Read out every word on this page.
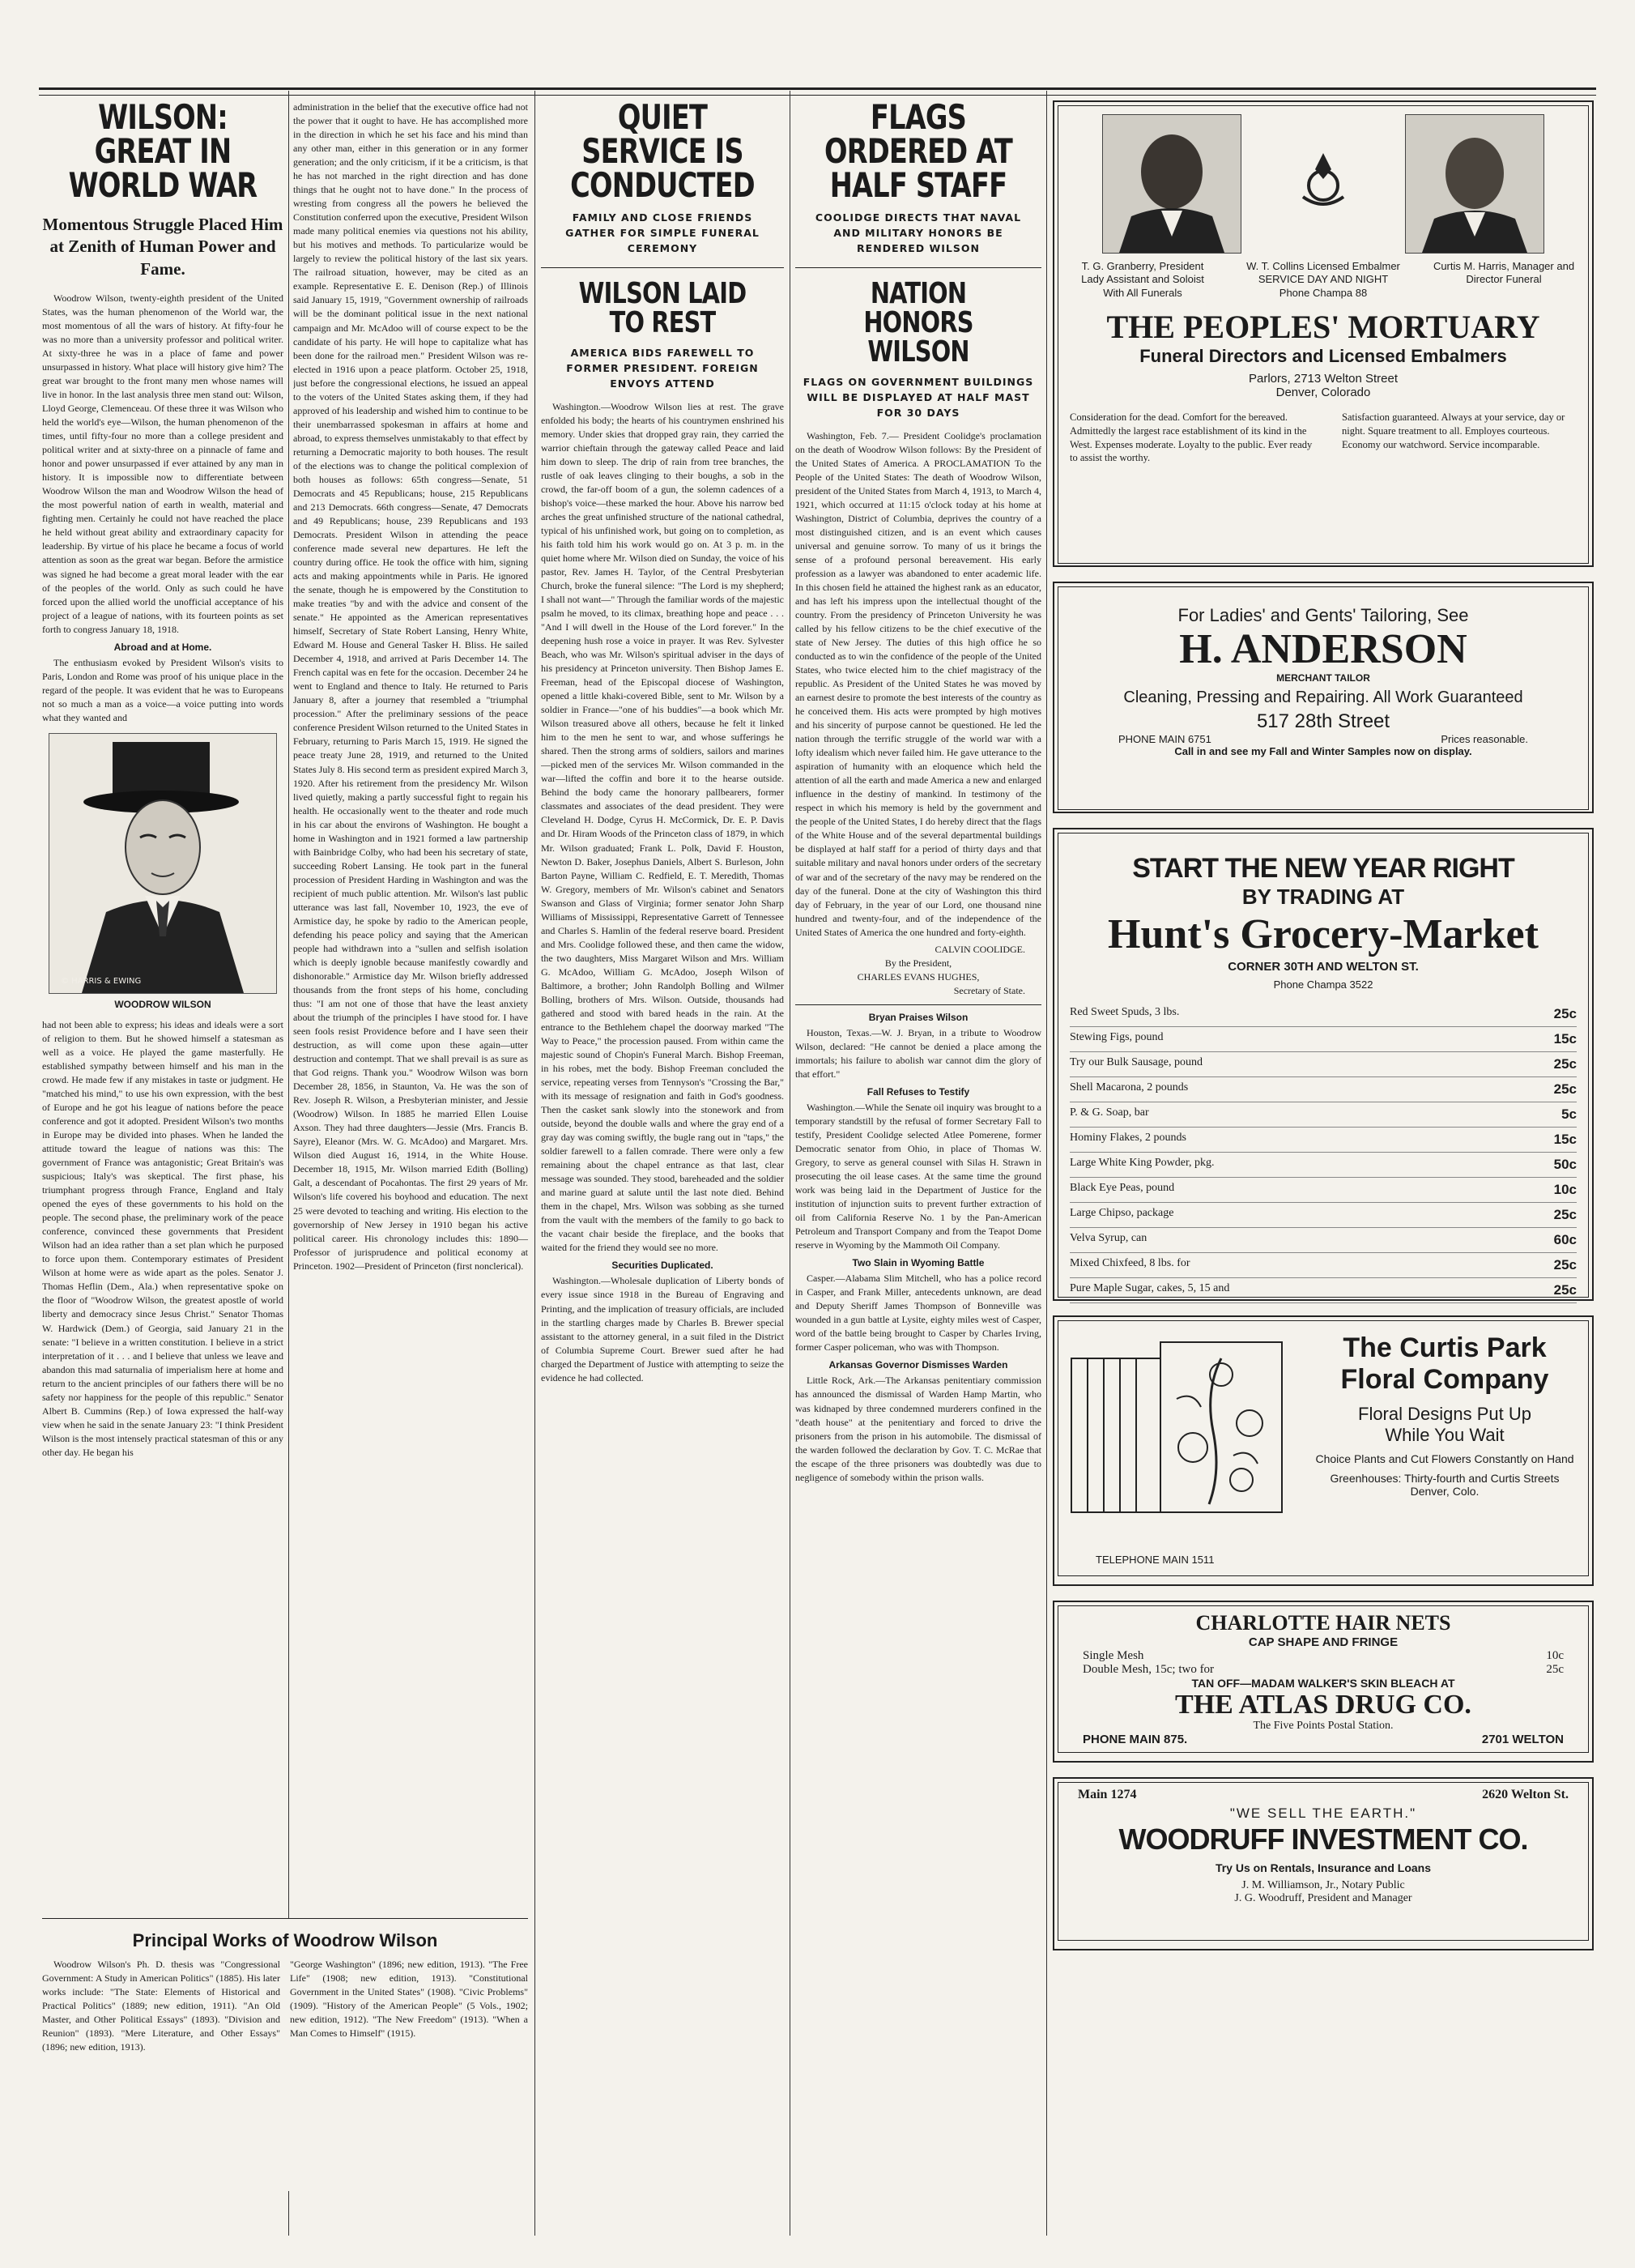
WILSON: GREAT IN WORLD WAR
Momentous Struggle Placed Him at Zenith of Human Power and Fame.

Woodrow Wilson, twenty-eighth president of the United States, was the human phenomenon of the World war, the most momentous of all the wars of history. At fifty-four he was no more than a university professor and political writer. At sixty-three he was in a place of fame and power unsurpassed in history. What place will history give him? The great war brought to the front many men whose names will live in honor. In the last analysis three men stand out: Wilson, Lloyd George, Clemenceau. Of these three it was Wilson who held the world's eye—Wilson, the human phenomenon of the times, until fifty-four no more than a college president and political writer and at sixty-three on a pinnacle of fame and honor and power unsurpassed if ever attained by any man in history. It is impossible now to differentiate between Woodrow Wilson the man and Woodrow Wilson the head of the most powerful nation of earth in wealth, material and fighting men. Certainly he could not have reached the place he held without great ability and extraordinary capacity for leadership. By virtue of his place he became a focus of world attention as soon as the great war began. Before the armistice was signed he had become a great moral leader with the ear of the peoples of the world. Only as such could he have forced upon the allied world the unofficial acceptance of his project of a league of nations, with its fourteen points as set forth to congress January 18, 1918.

Abroad and at Home.

The enthusiasm evoked by President Wilson's visits to Paris, London and Rome was proof of his unique place in the regard of the people. It was evident that he was to Europeans not so much a man as a voice—a voice putting into words what they wanted and

© HARRIS & EWING
WOODROW WILSON

had not been able to express; his ideas and ideals were a sort of religion to them. But he showed himself a statesman as well as a voice. He played the game masterfully. He established sympathy between himself and his man in the crowd. He made few if any mistakes in taste or judgment. He "matched his mind," to use his own expression, with the best of Europe and he got his league of nations before the peace conference and got it adopted. President Wilson's two months in Europe may be divided into phases. When he landed the attitude toward the league of nations was this: The government of France was antagonistic; Great Britain's was suspicious; Italy's was skeptical. The first phase, his triumphant progress through France, England and Italy opened the eyes of these governments to his hold on the people. The second phase, the preliminary work of the peace conference, convinced these governments that President Wilson had an idea rather than a set plan which he purposed to force upon them. Contemporary estimates of President Wilson at home were as wide apart as the poles. Senator J. Thomas Heflin (Dem., Ala.) when representative spoke on the floor of "Woodrow Wilson, the greatest apostle of world liberty and democracy since Jesus Christ." Senator Thomas W. Hardwick (Dem.) of Georgia, said January 21 in the senate: "I believe in a written constitution. I believe in a strict interpretation of it . . . and I believe that unless we leave and abandon this mad saturnalia of imperialism here at home and return to the ancient principles of our fathers there will be no safety nor happiness for the people of this republic." Senator Albert B. Cummins (Rep.) of Iowa expressed the half-way view when he said in the senate January 23: "I think President Wilson is the most intensely practical statesman of this or any other day. He began his

administration in the belief that the executive office had not the power that it ought to have. He has accomplished more in the direction in which he set his face and his mind than any other man, either in this generation or in any former generation; and the only criticism, if it be a criticism, is that he has not marched in the right direction and has done things that he ought not to have done." In the process of wresting from congress all the powers he believed the Constitution conferred upon the executive, President Wilson made many political enemies via questions not his ability, but his motives and methods. To particularize would be largely to review the political history of the last six years. The railroad situation, however, may be cited as an example. Representative E. E. Denison (Rep.) of Illinois said January 15, 1919, "Government ownership of railroads will be the dominant political issue in the next national campaign and Mr. McAdoo will of course expect to be the candidate of his party. He will hope to capitalize what has been done for the railroad men." President Wilson was re-elected in 1916 upon a peace platform. October 25, 1918, just before the congressional elections, he issued an appeal to the voters of the United States asking them, if they had approved of his leadership and wished him to continue to be their unembarrassed spokesman in affairs at home and abroad, to express themselves unmistakably to that effect by returning a Democratic majority to both houses. The result of the elections was to change the political complexion of both houses as follows: 65th congress—Senate, 51 Democrats and 45 Republicans; house, 215 Republicans and 213 Democrats. 66th congress—Senate, 47 Democrats and 49 Republicans; house, 239 Republicans and 193 Democrats. President Wilson in attending the peace conference made several new departures. He left the country during office. He took the office with him, signing acts and making appointments while in Paris. He ignored the senate, though he is empowered by the Constitution to make treaties "by and with the advice and consent of the senate." He appointed as the American representatives himself, Secretary of State Robert Lansing, Henry White, Edward M. House and General Tasker H. Bliss. He sailed December 4, 1918, and arrived at Paris December 14. The French capital was en fete for the occasion. December 24 he went to England and thence to Italy. He returned to Paris January 8, after a journey that resembled a "triumphal procession." After the preliminary sessions of the peace conference President Wilson returned to the United States in February, returning to Paris March 15, 1919. He signed the peace treaty June 28, 1919, and returned to the United States July 8. His second term as president expired March 3, 1920. After his retirement from the presidency Mr. Wilson lived quietly, making a partly successful fight to regain his health. He occasionally went to the theater and rode much in his car about the environs of Washington. He bought a home in Washington and in 1921 formed a law partnership with Bainbridge Colby, who had been his secretary of state, succeeding Robert Lansing. He took part in the funeral procession of President Harding in Washington and was the recipient of much public attention. Mr. Wilson's last public utterance was last fall, November 10, 1923, the eve of Armistice day, he spoke by radio to the American people, defending his peace policy and saying that the American people had withdrawn into a "sullen and selfish isolation which is deeply ignoble because manifestly cowardly and dishonorable." Armistice day Mr. Wilson briefly addressed thousands from the front steps of his home, concluding thus: "I am not one of those that have the least anxiety about the triumph of the principles I have stood for. I have seen fools resist Providence before and I have seen their destruction, as will come upon these again—utter destruction and contempt. That we shall prevail is as sure as that God reigns. Thank you." Woodrow Wilson was born December 28, 1856, in Staunton, Va. He was the son of Rev. Joseph R. Wilson, a Presbyterian minister, and Jessie (Woodrow) Wilson. In 1885 he married Ellen Louise Axson. They had three daughters—Jessie (Mrs. Francis B. Sayre), Eleanor (Mrs. W. G. McAdoo) and Margaret. Mrs. Wilson died August 16, 1914, in the White House. December 18, 1915, Mr. Wilson married Edith (Bolling) Galt, a descendant of Pocahontas. The first 29 years of Mr. Wilson's life covered his boyhood and education. The next 25 were devoted to teaching and writing. His election to the governorship of New Jersey in 1910 began his active political career. His chronology includes this: 1890—Professor of jurisprudence and political economy at Princeton. 1902—President of Princeton (first nonclerical).

Principal Works of Woodrow Wilson

Woodrow Wilson's Ph. D. thesis was "Congressional Government: A Study in American Politics" (1885). His later works include: "The State: Elements of Historical and Practical Politics" (1889; new edition, 1911). "An Old Master, and Other Political Essays" (1893). "Division and Reunion" (1893). "Mere Literature, and Other Essays" (1896; new edition, 1913).

"George Washington" (1896; new edition, 1913). "The Free Life" (1908; new edition, 1913). "Constitutional Government in the United States" (1908). "Civic Problems" (1909). "History of the American People" (5 Vols., 1902; new edition, 1912). "The New Freedom" (1913). "When a Man Comes to Himself" (1915).

QUIET SERVICE IS CONDUCTED
FAMILY AND CLOSE FRIENDS GATHER FOR SIMPLE FUNERAL CEREMONY
WILSON LAID TO REST
AMERICA BIDS FAREWELL TO FORMER PRESIDENT. FOREIGN ENVOYS ATTEND

Washington.—Woodrow Wilson lies at rest. The grave enfolded his body; the hearts of his countrymen enshrined his memory. Under skies that dropped gray rain, they carried the warrior chieftain through the gateway called Peace and laid him down to sleep. The drip of rain from tree branches, the rustle of oak leaves clinging to their boughs, a sob in the crowd, the far-off boom of a gun, the solemn cadences of a bishop's voice—these marked the hour. Above his narrow bed arches the great unfinished structure of the national cathedral, typical of his unfinished work, but going on to completion, as his faith told him his work would go on. At 3 p. m. in the quiet home where Mr. Wilson died on Sunday, the voice of his pastor, Rev. James H. Taylor, of the Central Presbyterian Church, broke the funeral silence: "The Lord is my shepherd; I shall not want—" Through the familiar words of the majestic psalm he moved, to its climax, breathing hope and peace . . . "And I will dwell in the House of the Lord forever." In the deepening hush rose a voice in prayer. It was Rev. Sylvester Beach, who was Mr. Wilson's spiritual adviser in the days of his presidency at Princeton university. Then Bishop James E. Freeman, head of the Episcopal diocese of Washington, opened a little khaki-covered Bible, sent to Mr. Wilson by a soldier in France—"one of his buddies"—a book which Mr. Wilson treasured above all others, because he felt it linked him to the men he sent to war, and whose sufferings he shared. Then the strong arms of soldiers, sailors and marines—picked men of the services Mr. Wilson commanded in the war—lifted the coffin and bore it to the hearse outside. Behind the body came the honorary pallbearers, former classmates and associates of the dead president. They were Cleveland H. Dodge, Cyrus H. McCormick, Dr. E. P. Davis and Dr. Hiram Woods of the Princeton class of 1879, in which Mr. Wilson graduated; Frank L. Polk, David F. Houston, Newton D. Baker, Josephus Daniels, Albert S. Burleson, John Barton Payne, William C. Redfield, E. T. Meredith, Thomas W. Gregory, members of Mr. Wilson's cabinet and Senators Swanson and Glass of Virginia; former senator John Sharp Williams of Mississippi, Representative Garrett of Tennessee and Charles S. Hamlin of the federal reserve board. President and Mrs. Coolidge followed these, and then came the widow, the two daughters, Miss Margaret Wilson and Mrs. William G. McAdoo, William G. McAdoo, Joseph Wilson of Baltimore, a brother; John Randolph Bolling and Wilmer Bolling, brothers of Mrs. Wilson. Outside, thousands had gathered and stood with bared heads in the rain. At the entrance to the Bethlehem chapel the doorway marked "The Way to Peace," the procession paused. From within came the majestic sound of Chopin's Funeral March. Bishop Freeman, in his robes, met the body. Bishop Freeman concluded the service, repeating verses from Tennyson's "Crossing the Bar," with its message of resignation and faith in God's goodness. Then the casket sank slowly into the stonework and from outside, beyond the double walls and where the gray end of a gray day was coming swiftly, the bugle rang out in "taps," the soldier farewell to a fallen comrade. There were only a few remaining about the chapel entrance as that last, clear message was sounded. They stood, bareheaded and the soldier and marine guard at salute until the last note died. Behind them in the chapel, Mrs. Wilson was sobbing as she turned from the vault with the members of the family to go back to the vacant chair beside the fireplace, and the books that waited for the friend they would see no more.

Securities Duplicated.

Washington.—Wholesale duplication of Liberty bonds of every issue since 1918 in the Bureau of Engraving and Printing, and the implication of treasury officials, are included in the startling charges made by Charles B. Brewer special assistant to the attorney general, in a suit filed in the District of Columbia Supreme Court. Brewer sued after he had charged the Department of Justice with attempting to seize the evidence he had collected.

FLAGS ORDERED AT HALF STAFF
COOLIDGE DIRECTS THAT NAVAL AND MILITARY HONORS BE RENDERED WILSON
NATION HONORS WILSON
FLAGS ON GOVERNMENT BUILDINGS WILL BE DISPLAYED AT HALF MAST FOR 30 DAYS

Washington, Feb. 7.— President Coolidge's proclamation on the death of Woodrow Wilson follows: By the President of the United States of America. A PROCLAMATION To the People of the United States: The death of Woodrow Wilson, president of the United States from March 4, 1913, to March 4, 1921, which occurred at 11:15 o'clock today at his home at Washington, District of Columbia, deprives the country of a most distinguished citizen, and is an event which causes universal and genuine sorrow. To many of us it brings the sense of a profound personal bereavement. His early profession as a lawyer was abandoned to enter academic life. In this chosen field he attained the highest rank as an educator, and has left his impress upon the intellectual thought of the country. From the presidency of Princeton University he was called by his fellow citizens to be the chief executive of the state of New Jersey. The duties of this high office he so conducted as to win the confidence of the people of the United States, who twice elected him to the chief magistracy of the republic. As President of the United States he was moved by an earnest desire to promote the best interests of the country as he conceived them. His acts were prompted by high motives and his sincerity of purpose cannot be questioned. He led the nation through the terrific struggle of the world war with a lofty idealism which never failed him. He gave utterance to the aspiration of humanity with an eloquence which held the attention of all the earth and made America a new and enlarged influence in the destiny of mankind. In testimony of the respect in which his memory is held by the government and the people of the United States, I do hereby direct that the flags of the White House and of the several departmental buildings be displayed at half staff for a period of thirty days and that suitable military and naval honors under orders of the secretary of war and of the secretary of the navy may be rendered on the day of the funeral. Done at the city of Washington this third day of February, in the year of our Lord, one thousand nine hundred and twenty-four, and of the independence of the United States of America the one hundred and forty-eighth.

CALVIN COOLIDGE.
By the President,
CHARLES EVANS HUGHES,
Secretary of State.
Bryan Praises Wilson

Houston, Texas.—W. J. Bryan, in a tribute to Woodrow Wilson, declared: "He cannot be denied a place among the immortals; his failure to abolish war cannot dim the glory of that effort."

Fall Refuses to Testify

Washington.—While the Senate oil inquiry was brought to a temporary standstill by the refusal of former Secretary Fall to testify, President Coolidge selected Atlee Pomerene, former Democratic senator from Ohio, in place of Thomas W. Gregory, to serve as general counsel with Silas H. Strawn in prosecuting the oil lease cases. At the same time the ground work was being laid in the Department of Justice for the institution of injunction suits to prevent further extraction of oil from California Reserve No. 1 by the Pan-American Petroleum and Transport Company and from the Teapot Dome reserve in Wyoming by the Mammoth Oil Company.

Two Slain in Wyoming Battle

Casper.—Alabama Slim Mitchell, who has a police record in Casper, and Frank Miller, antecedents unknown, are dead and Deputy Sheriff James Thompson of Bonneville was wounded in a gun battle at Lysite, eighty miles west of Casper, word of the battle being brought to Casper by Charles Irving, former Casper policeman, who was with Thompson.

Arkansas Governor Dismisses Warden

Little Rock, Ark.—The Arkansas penitentiary commission has announced the dismissal of Warden Hamp Martin, who was kidnaped by three condemned murderers confined in the "death house" at the penitentiary and forced to drive the prisoners from the prison in his automobile. The dismissal of the warden followed the declaration by Gov. T. C. McRae that the escape of the three prisoners was doubtedly was due to negligence of somebody within the prison walls.

T. G. Granberry, President
Lady Assistant and Soloist With All Funerals
W. T. Collins Licensed Embalmer
SERVICE DAY AND NIGHT Phone Champa 88
Curtis M. Harris, Manager and Director Funeral
THE PEOPLES' MORTUARY
Funeral Directors and Licensed Embalmers
Parlors, 2713 Welton Street
Denver, Colorado
Consideration for the dead. Comfort for the bereaved. Admittedly the largest race establishment of its kind in the West. Expenses moderate. Loyalty to the public. Ever ready to assist the worthy.
Satisfaction guaranteed. Always at your service, day or night. Square treatment to all. Employes courteous. Economy our watchword. Service incomparable.
For Ladies' and Gents' Tailoring, See
H. ANDERSON
MERCHANT TAILOR
Cleaning, Pressing and Repairing. All Work Guaranteed
517 28th Street
PHONE MAIN 6751	Prices reasonable.
Call in and see my Fall and Winter Samples now on display.
START THE NEW YEAR RIGHT
BY TRADING AT
Hunt's Grocery-Market
CORNER 30TH AND WELTON ST.
Phone Champa 3522
Red Sweet Spuds, 3 lbs.	25c
Stewing Figs, pound	15c
Try our Bulk Sausage, pound	25c
Shell Macarona, 2 pounds	25c
P. & G. Soap, bar	5c
Hominy Flakes, 2 pounds	15c
Large White King Powder, pkg.	50c
Black Eye Peas, pound	10c
Large Chipso, package	25c
Velva Syrup, can	60c
Mixed Chixfeed, 8 lbs. for	25c
Pure Maple Sugar, cakes, 5, 15 and	25c
TELEPHONE MAIN 1511
The Curtis Park
Floral Company
Floral Designs Put Up
While You Wait
Choice Plants and Cut Flowers Constantly on Hand
Greenhouses: Thirty-fourth and Curtis Streets
Denver, Colo.
CHARLOTTE HAIR NETS
CAP SHAPE AND FRINGE
Single Mesh	10c
Double Mesh, 15c; two for	25c
TAN OFF—MADAM WALKER'S SKIN BLEACH AT
THE ATLAS DRUG CO.
The Five Points Postal Station.
PHONE MAIN 875.	2701 WELTON
Main 1274	2620 Welton St.
"WE SELL THE EARTH."
WOODRUFF INVESTMENT CO.
Try Us on Rentals, Insurance and Loans
J. M. Williamson, Jr., Notary Public
J. G. Woodruff, President and Manager
